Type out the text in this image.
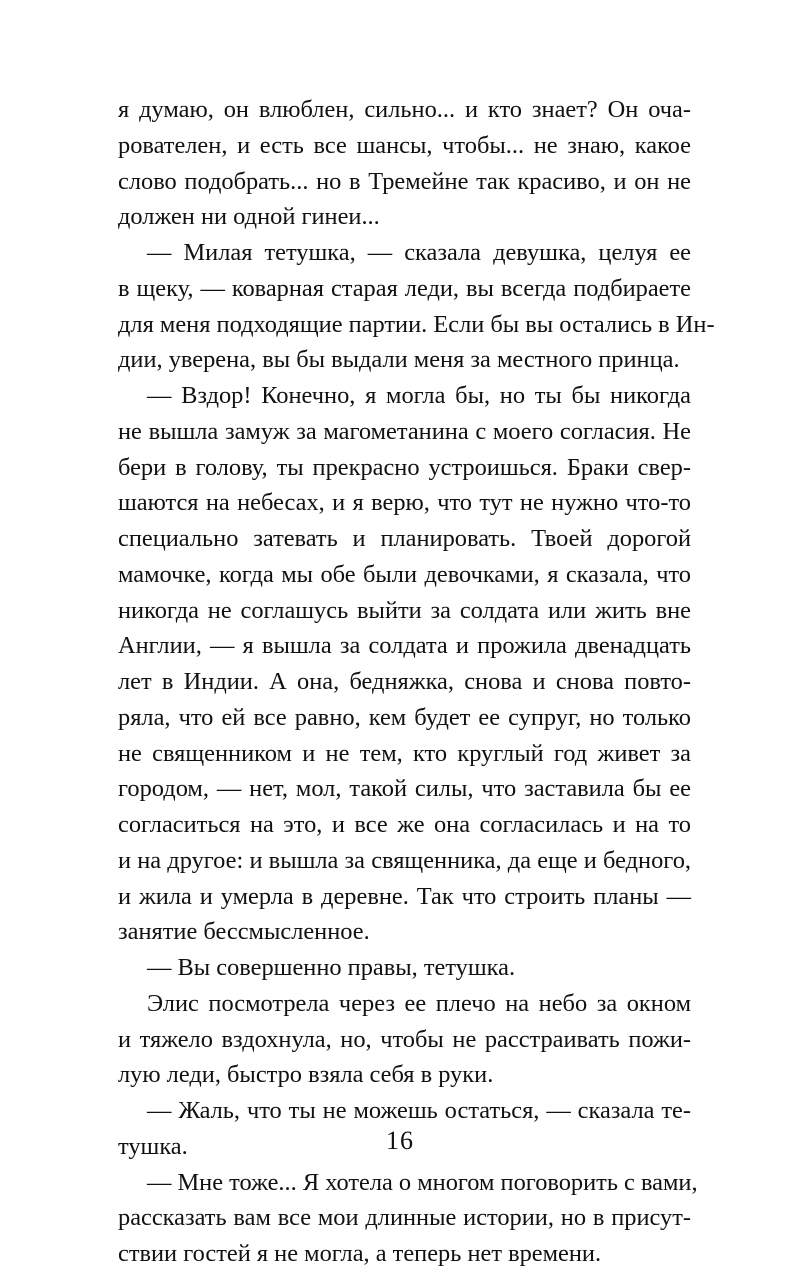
я думаю, он влюблен, сильно... и кто знает? Он оча-
рователен, и есть все шансы, чтобы... не знаю, какое
слово подобрать... но в Тремейне так красиво, и он не
должен ни одной гинеи...
— Милая тетушка, — сказала девушка, целуя ее
в щеку, — коварная старая леди, вы всегда подбираете
для меня подходящие партии. Если бы вы остались в Ин-
дии, уверена, вы бы выдали меня за местного принца.
— Вздор! Конечно, я могла бы, но ты бы никогда
не вышла замуж за магометанина с моего согласия. Не
бери в голову, ты прекрасно устроишься. Браки свер-
шаются на небесах, и я верю, что тут не нужно что-то
специально затевать и планировать. Твоей дорогой
мамочке, когда мы обе были девочками, я сказала, что
никогда не соглашусь выйти за солдата или жить вне
Англии, — я вышла за солдата и прожила двенадцать
лет в Индии. А она, бедняжка, снова и снова повто-
ряла, что ей все равно, кем будет ее супруг, но только
не священником и не тем, кто круглый год живет за
городом, — нет, мол, такой силы, что заставила бы ее
согласиться на это, и все же она согласилась и на то
и на другое: и вышла за священника, да еще и бедного,
и жила и умерла в деревне. Так что строить планы —
занятие бессмысленное.
— Вы совершенно правы, тетушка.
Элис посмотрела через ее плечо на небо за окном
и тяжело вздохнула, но, чтобы не расстраивать пожи-
лую леди, быстро взяла себя в руки.
— Жаль, что ты не можешь остаться, — сказала те-
тушка.
— Мне тоже... Я хотела о многом поговорить с вами,
рассказать вам все мои длинные истории, но в присут-
ствии гостей я не могла, а теперь нет времени.
16
